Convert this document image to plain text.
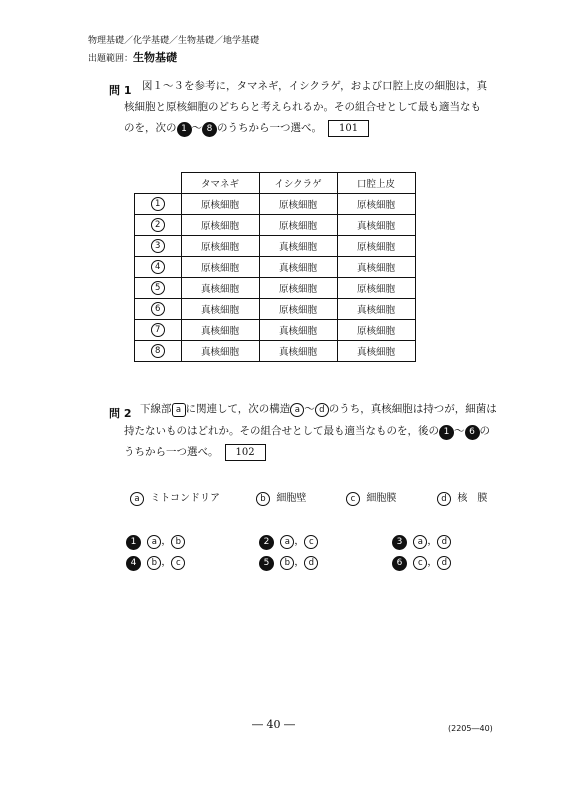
物理基礎／化学基礎／生物基礎／地学基礎
出題範囲：生物基礎
問 1 図１～３を参考に，タマネギ，イシクラゲ，および口腔上皮の細胞は，真
核細胞と原核細胞のどちらと考えられるか。その組合せとして最も適当なも
のを，次の 1 ～ 8 のうちから一つ選べ。 101
	タマネギ	イシクラゲ	口腔上皮
1	原核細胞	原核細胞	原核細胞
2	原核細胞	原核細胞	真核細胞
3	原核細胞	真核細胞	原核細胞
4	原核細胞	真核細胞	真核細胞
5	真核細胞	原核細胞	原核細胞
6	真核細胞	原核細胞	真核細胞
7	真核細胞	真核細胞	原核細胞
8	真核細胞	真核細胞	真核細胞
問 2 下線部 a に関連して，次の構造 a ～ d のうち，真核細胞は持つが，細菌は
持たないものはどれか。その組合せとして最も適当なものを，後の 1 ～ 6 の
うちから一つ選べ。 102
a ミトコンドリア	b 細胞壁	c 細胞膜	d 核　膜
1 a ， b	2 a ， c	3 a ， d
4 b ， c	5 b ， d	6 c ， d
― 40 ―	(2205―40)
